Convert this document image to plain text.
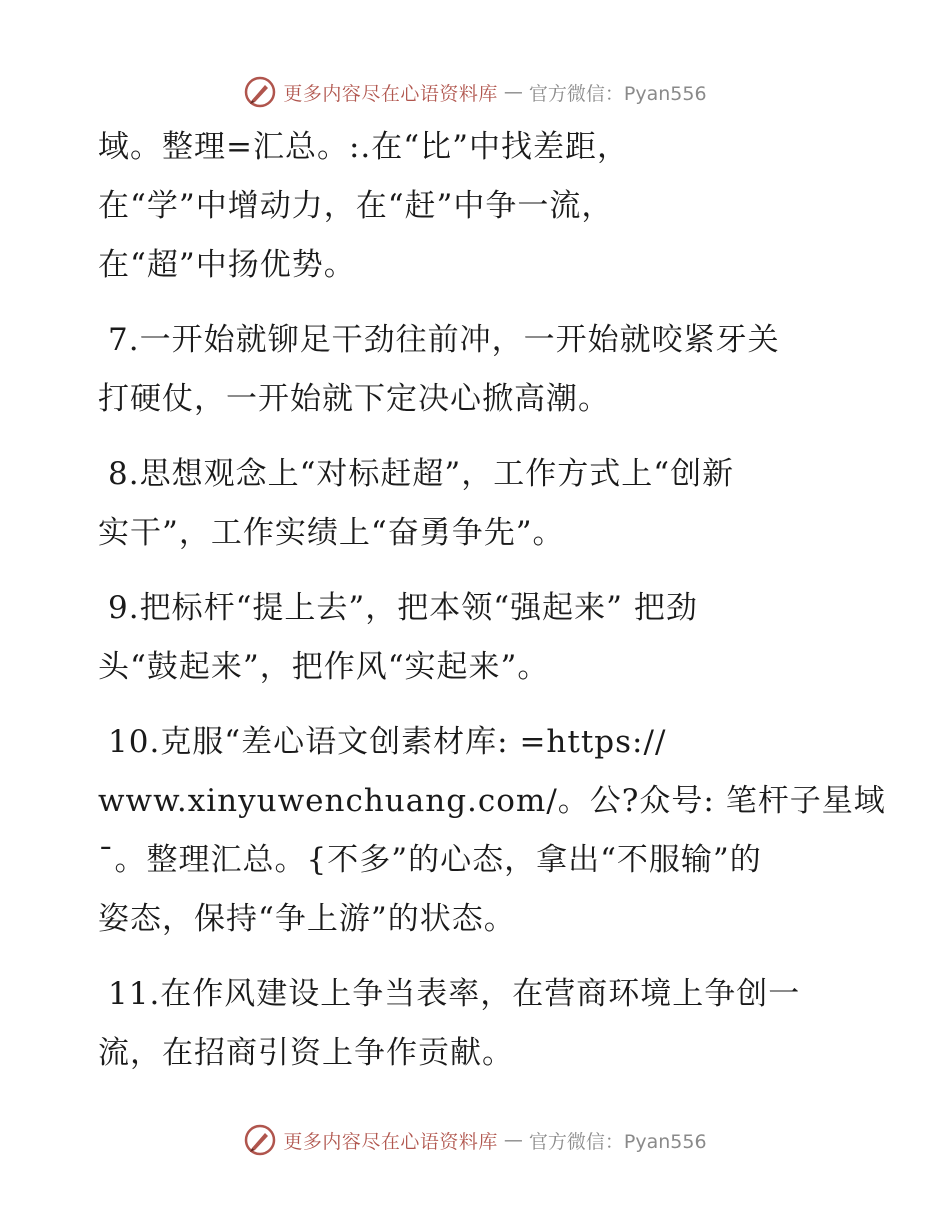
更多内容尽在心语资料库 — 官方微信：Pyan556
域。整理=汇总。:.在“比”中找差距，
在“学”中增动力，在“赶”中争一流，
在“超”中扬优势。
7.一开始就铆足干劲往前冲，一开始就咬紧牙关
打硬仗，一开始就下定决心掀高潮。
8.思想观念上“对标赶超”，工作方式上“创新
实干”，工作实绩上“奋勇争先”。
9.把标杆“提上去”，把本领“强起来” 把劲
头“鼓起来”，把作风“实起来”。
10.克服“差心语文创素材库: =https://
www.xinyuwenchuang.com/。公?众号: 笔杆子星域
¯。整理汇总。{不多”的心态，拿出“不服输”的
姿态，保持“争上游”的状态。
11.在作风建设上争当表率，在营商环境上争创一
流，在招商引资上争作贡献。
更多内容尽在心语资料库 — 官方微信：Pyan556
